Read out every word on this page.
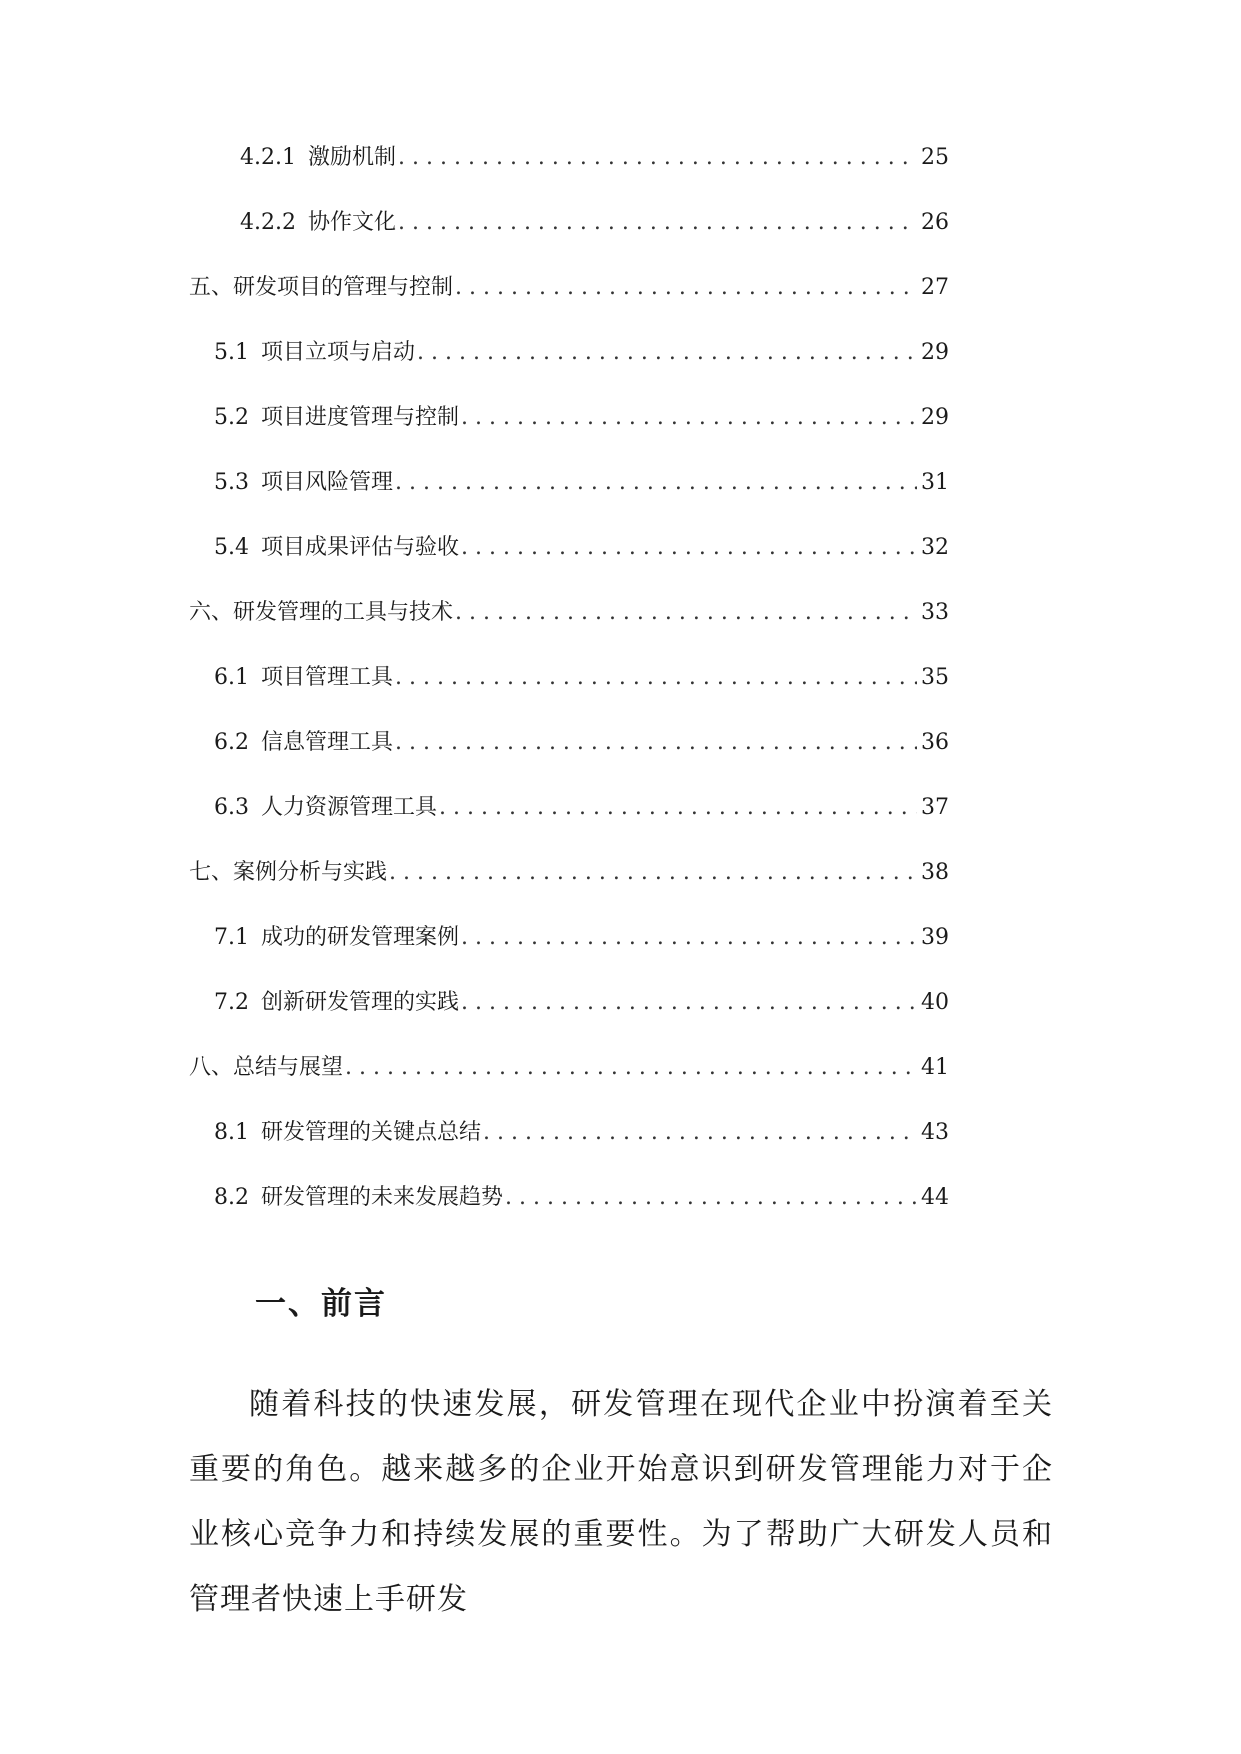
4.2.1 激励机制 .....	25
4.2.2 协作文化 .....	26
五、研发项目的管理与控制 .....	27
5.1 项目立项与启动 .....	29
5.2 项目进度管理与控制 .....	29
5.3 项目风险管理 .....	31
5.4 项目成果评估与验收 .....	32
六、研发管理的工具与技术 .....	33
6.1 项目管理工具 .....	35
6.2 信息管理工具 .....	36
6.3 人力资源管理工具 .....	37
七、案例分析与实践 .....	38
7.1 成功的研发管理案例 .....	39
7.2 创新研发管理的实践 .....	40
八、总结与展望 .....	41
8.1 研发管理的关键点总结 .....	43
8.2 研发管理的未来发展趋势 .....	44
一、前言

随着科技的快速发展，研发管理在现代企业中扮演着至关重要的角色。越来越多的企业开始意识到研发管理能力对于企业核心竞争力和持续发展的重要性。为了帮助广大研发人员和管理者快速上手研发
